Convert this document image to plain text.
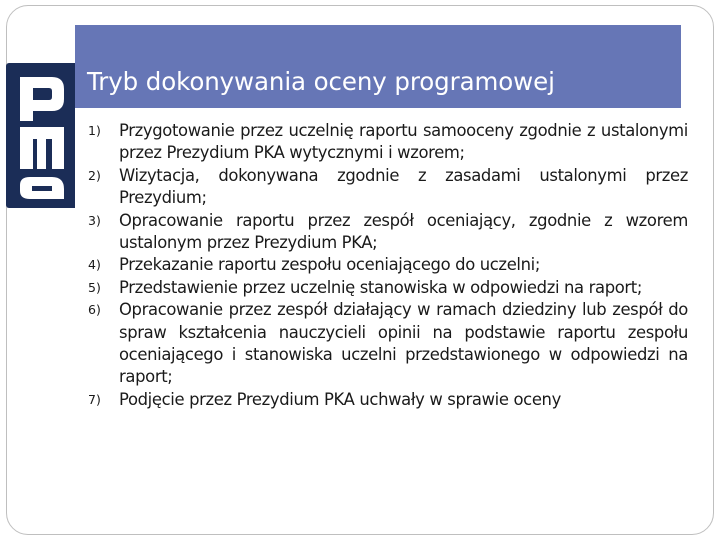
Tryb dokonywania oceny programowej
1) Przygotowanie przez uczelnię raportu samooceny zgodnie z ustalonymi przez Prezydium PKA wytycznymi i wzorem;
2) Wizytacja, dokonywana zgodnie z zasadami ustalonymi przez Prezydium;
3) Opracowanie raportu przez zespół oceniający, zgodnie z wzorem ustalonym przez Prezydium PKA;
4) Przekazanie raportu zespołu oceniającego do uczelni;
5) Przedstawienie przez uczelnię stanowiska w odpowiedzi na raport;
6) Opracowanie przez zespół działający w ramach dziedziny lub zespół do spraw kształcenia nauczycieli opinii na podstawie raportu zespołu oceniającego i stanowiska uczelni przedstawionego w odpowiedzi na raport;
7) Podjęcie przez Prezydium PKA uchwały w sprawie oceny
